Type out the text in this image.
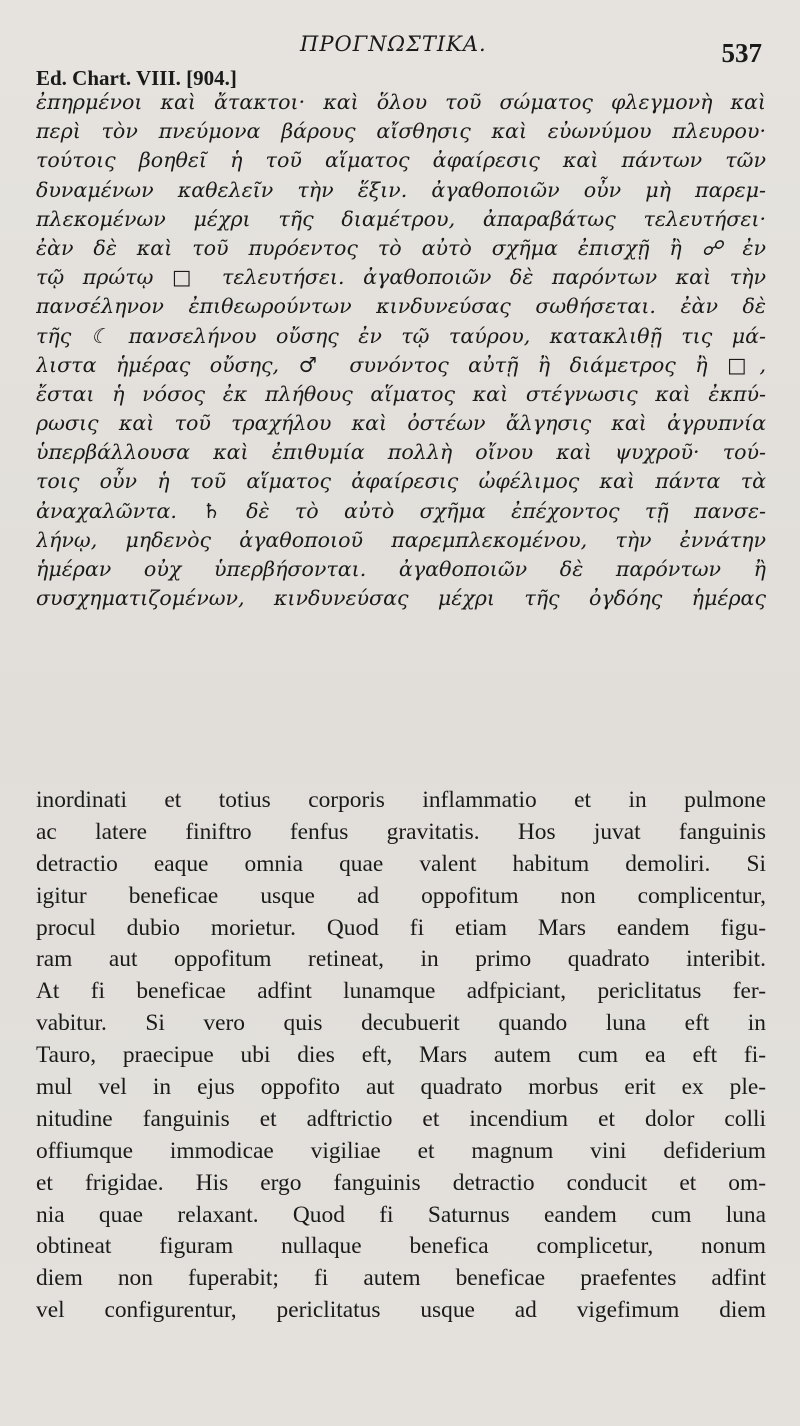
ΠΡΟΓΝΩΣΤΙΚΑ.	537
Ed. Chart. VIII. [904.]
ἐπηρμένοι καὶ ἄτακτοι· καὶ ὅλου τοῦ σώματος φλεγμονὴ καὶ
περὶ τὸν πνεύμονα βάρους αἴσθησις καὶ εὐωνύμου πλευρου·
τούτοις βοηθεῖ ἡ τοῦ αἵματος ἀφαίρεσις καὶ πάντων τῶν
δυναμένων καθελεῖν τὴν ἕξιν. ἀγαθοποιῶν οὖν μὴ παρεμ-
πλεκομένων μέχρι τῆς διαμέτρου, ἀπαραβάτως τελευτήσει·
ἐὰν δὲ καὶ τοῦ πυρόεντος τὸ αὐτὸ σχῆμα ἐπισχῇ ἢ ☍ ἐν
τῷ πρώτῳ □ τελευτήσει. ἀγαθοποιῶν δὲ παρόντων καὶ τὴν
πανσέληνον ἐπιθεωρούντων κινδυνεύσας σωθήσεται. ἐὰν δὲ
τῆς ☾ πανσελήνου οὔσης ἐν τῷ ταύρου, κατακλιθῇ τις μά-
λιστα ἡμέρας οὔσης, ♂ συνόντος αὐτῇ ἢ διάμετρος ἢ □,
ἔσται ἡ νόσος ἐκ πλήθους αἵματος καὶ στέγνωσις καὶ ἐκπύ-
ρωσις καὶ τοῦ τραχήλου καὶ ὀστέων ἄλγησις καὶ ἀγρυπνία
ὑπερβάλλουσα καὶ ἐπιθυμία πολλὴ οἴνου καὶ ψυχροῦ· τού-
τοις οὖν ἡ τοῦ αἵματος ἀφαίρεσις ὠφέλιμος καὶ πάντα τὰ
ἀναχαλῶντα. ♄ δὲ τὸ αὐτὸ σχῆμα ἐπέχοντος τῇ πανσε-
λήνῳ, μηδενὸς ἀγαθοποιοῦ παρεμπλεκομένου, τὴν ἐννάτην
ἡμέραν οὐχ ὑπερβήσονται. ἀγαθοποιῶν δὲ παρόντων ἢ
συσχηματιζομένων, κινδυνεύσας μέχρι τῆς ὀγδόης ἡμέρας
inordinati et totius corporis inflammatio et in pulmone
ac latere finiftro fenfus gravitatis. Hos juvat fanguinis
detractio eaque omnia quae valent habitum demoliri. Si
igitur beneficae usque ad oppofitum non complicentur,
procul dubio morietur. Quod fi etiam Mars eandem figu-
ram aut oppofitum retineat, in primo quadrato interibit.
At fi beneficae adfint lunamque adfpiciant, periclitatus fer-
vabitur. Si vero quis decubuerit quando luna eft in
Tauro, praecipue ubi dies eft, Mars autem cum ea eft fi-
mul vel in ejus oppofito aut quadrato morbus erit ex ple-
nitudine fanguinis et adftrictio et incendium et dolor colli
offiumque immodicae vigiliae et magnum vini defiderium
et frigidae. His ergo fanguinis detractio conducit et om-
nia quae relaxant. Quod fi Saturnus eandem cum luna
obtineat figuram nullaque benefica complicetur, nonum
diem non fuperabit; fi autem beneficae praefentes adfint
vel configurentur, periclitatus usque ad vigefimum diem
